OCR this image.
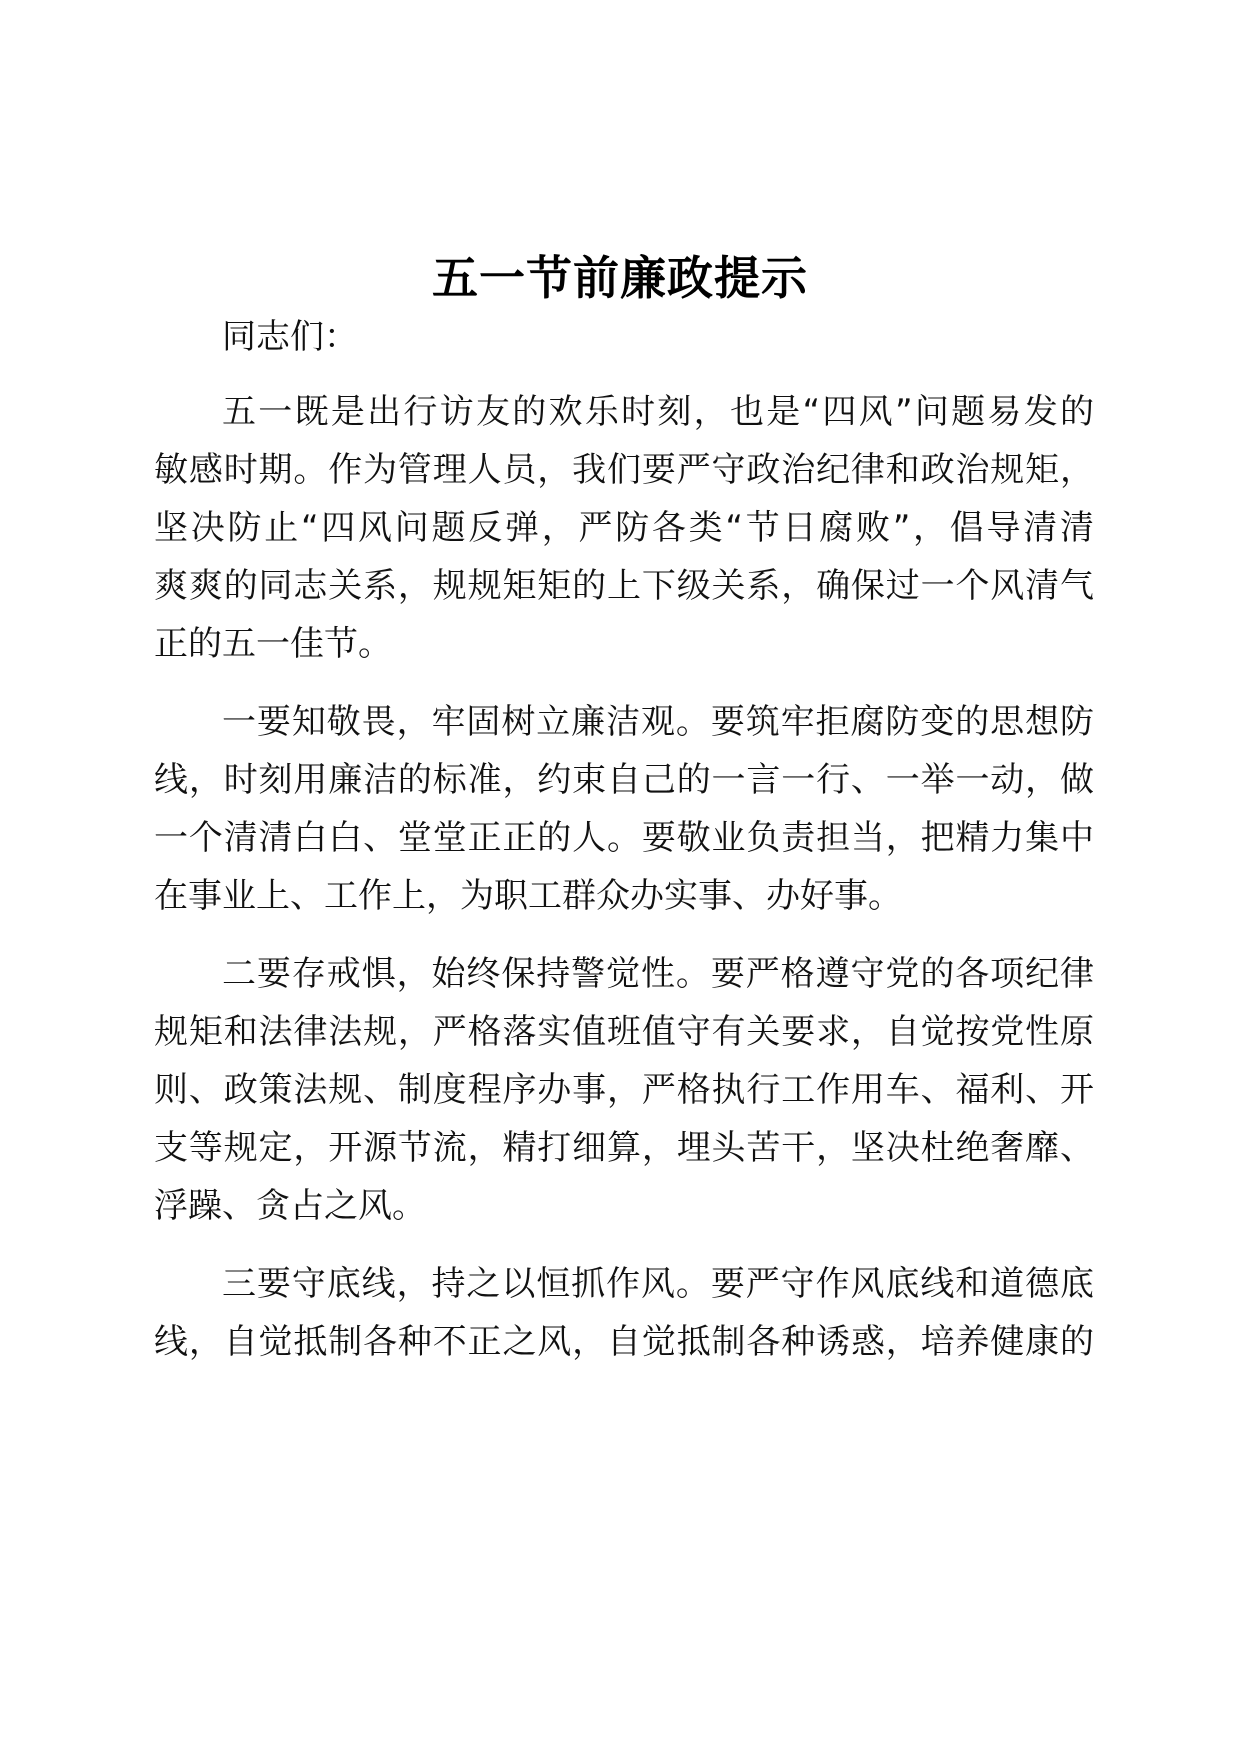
五一节前廉政提示
同志们：
五一既是出行访友的欢乐时刻，也是“四风”问题易发的
敏感时期。作为管理人员，我们要严守政治纪律和政治规矩，
坚决防止“四风问题反弹，严防各类“节日腐败”，倡导清清
爽爽的同志关系，规规矩矩的上下级关系，确保过一个风清气
正的五一佳节。
一要知敬畏，牢固树立廉洁观。要筑牢拒腐防变的思想防
线，时刻用廉洁的标准，约束自己的一言一行、一举一动，做
一个清清白白、堂堂正正的人。要敬业负责担当，把精力集中
在事业上、工作上，为职工群众办实事、办好事。
二要存戒惧，始终保持警觉性。要严格遵守党的各项纪律
规矩和法律法规，严格落实值班值守有关要求，自觉按党性原
则、政策法规、制度程序办事，严格执行工作用车、福利、开
支等规定，开源节流，精打细算，埋头苦干，坚决杜绝奢靡、
浮躁、贪占之风。
三要守底线，持之以恒抓作风。要严守作风底线和道德底
线，自觉抵制各种不正之风，自觉抵制各种诱惑，培养健康的
